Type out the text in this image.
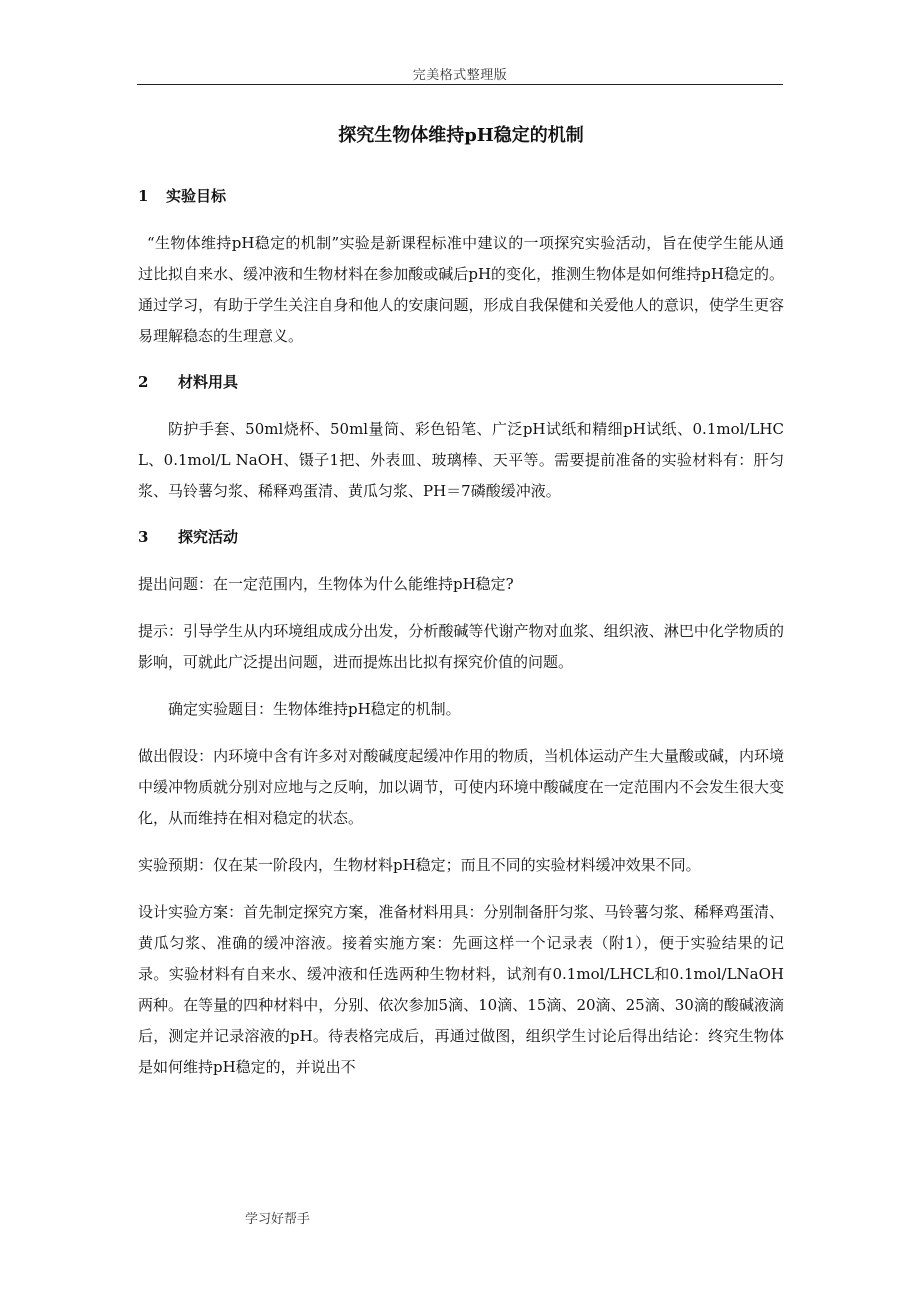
完美格式整理版
探究生物体维持pH稳定的机制
1 实验目标

“生物体维持pH稳定的机制”实验是新课程标准中建议的一项探究实验活动，旨在使学生能从通过比拟自来水、缓冲液和生物材料在参加酸或碱后pH的变化，推测生物体是如何维持pH稳定的。通过学习，有助于学生关注自身和他人的安康问题，形成自我保健和关爱他人的意识，使学生更容易理解稳态的生理意义。

2 材料用具

防护手套、50ml烧杯、50ml量筒、彩色铅笔、广泛pH试纸和精细pH试纸、0.1mol/LHCL、0.1mol/L NaOH、镊子1把、外表皿、玻璃棒、天平等。需要提前准备的实验材料有：肝匀浆、马铃薯匀浆、稀释鸡蛋清、黄瓜匀浆、PH＝7磷酸缓冲液。

3 探究活动

提出问题：在一定范围内，生物体为什么能维持pH稳定?

提示：引导学生从内环境组成成分出发，分析酸碱等代谢产物对血浆、组织液、淋巴中化学物质的影响，可就此广泛提出问题，进而提炼出比拟有探究价值的问题。

确定实验题目：生物体维持pH稳定的机制。

做出假设：内环境中含有许多对对酸碱度起缓冲作用的物质，当机体运动产生大量酸或碱，内环境中缓冲物质就分别对应地与之反响，加以调节，可使内环境中酸碱度在一定范围内不会发生很大变化，从而维持在相对稳定的状态。

实验预期：仅在某一阶段内，生物材料pH稳定；而且不同的实验材料缓冲效果不同。

设计实验方案：首先制定探究方案，准备材料用具：分别制备肝匀浆、马铃薯匀浆、稀释鸡蛋清、黄瓜匀浆、准确的缓冲溶液。接着实施方案：先画这样一个记录表（附1），便于实验结果的记录。实验材料有自来水、缓冲液和任选两种生物材料，试剂有0.1mol/LHCL和0.1mol/LNaOH两种。在等量的四种材料中，分别、依次参加5滴、10滴、15滴、20滴、25滴、30滴的酸碱液滴后，测定并记录溶液的pH。待表格完成后，再通过做图，组织学生讨论后得出结论：终究生物体是如何维持pH稳定的，并说出不

学习好帮手
